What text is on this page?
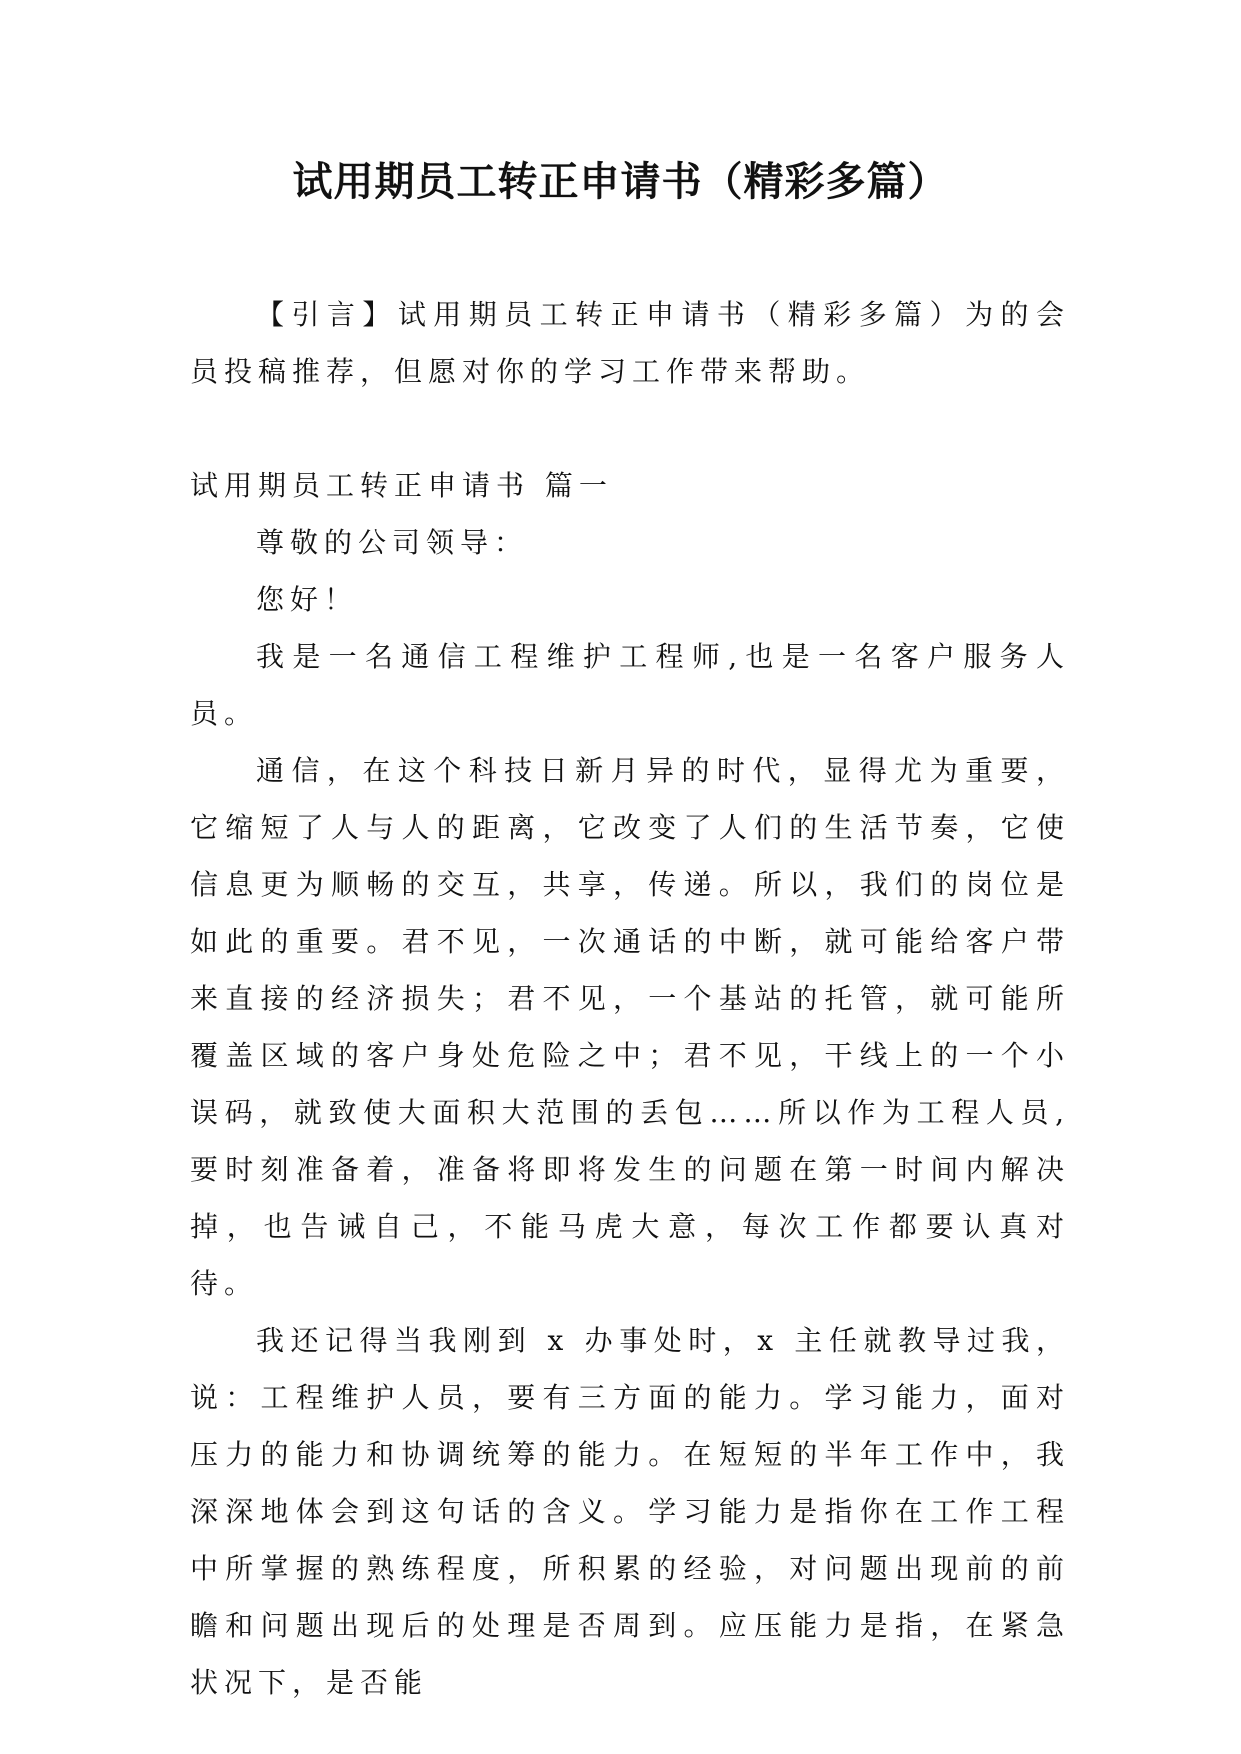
试用期员工转正申请书（精彩多篇）

【引言】试用期员工转正申请书（精彩多篇）为的会员投稿推荐，但愿对你的学习工作带来帮助。

试用期员工转正申请书 篇一

尊敬的公司领导：

您好！

我是一名通信工程维护工程师,也是一名客户服务人员。

通信，在这个科技日新月异的时代，显得尤为重要，它缩短了人与人的距离，它改变了人们的生活节奏，它使信息更为顺畅的交互，共享，传递。所以，我们的岗位是如此的重要。君不见，一次通话的中断，就可能给客户带来直接的经济损失；君不见，一个基站的托管，就可能所覆盖区域的客户身处危险之中；君不见，干线上的一个小误码，就致使大面积大范围的丢包……所以作为工程人员,要时刻准备着，准备将即将发生的问题在第一时间内解决掉，也告诫自己，不能马虎大意，每次工作都要认真对待。

我还记得当我刚到 x 办事处时，x 主任就教导过我，说：工程维护人员，要有三方面的能力。学习能力，面对压力的能力和协调统筹的能力。在短短的半年工作中，我深深地体会到这句话的含义。学习能力是指你在工作工程中所掌握的熟练程度，所积累的经验，对问题出现前的前瞻和问题出现后的处理是否周到。应压能力是指，在紧急状况下，是否能
